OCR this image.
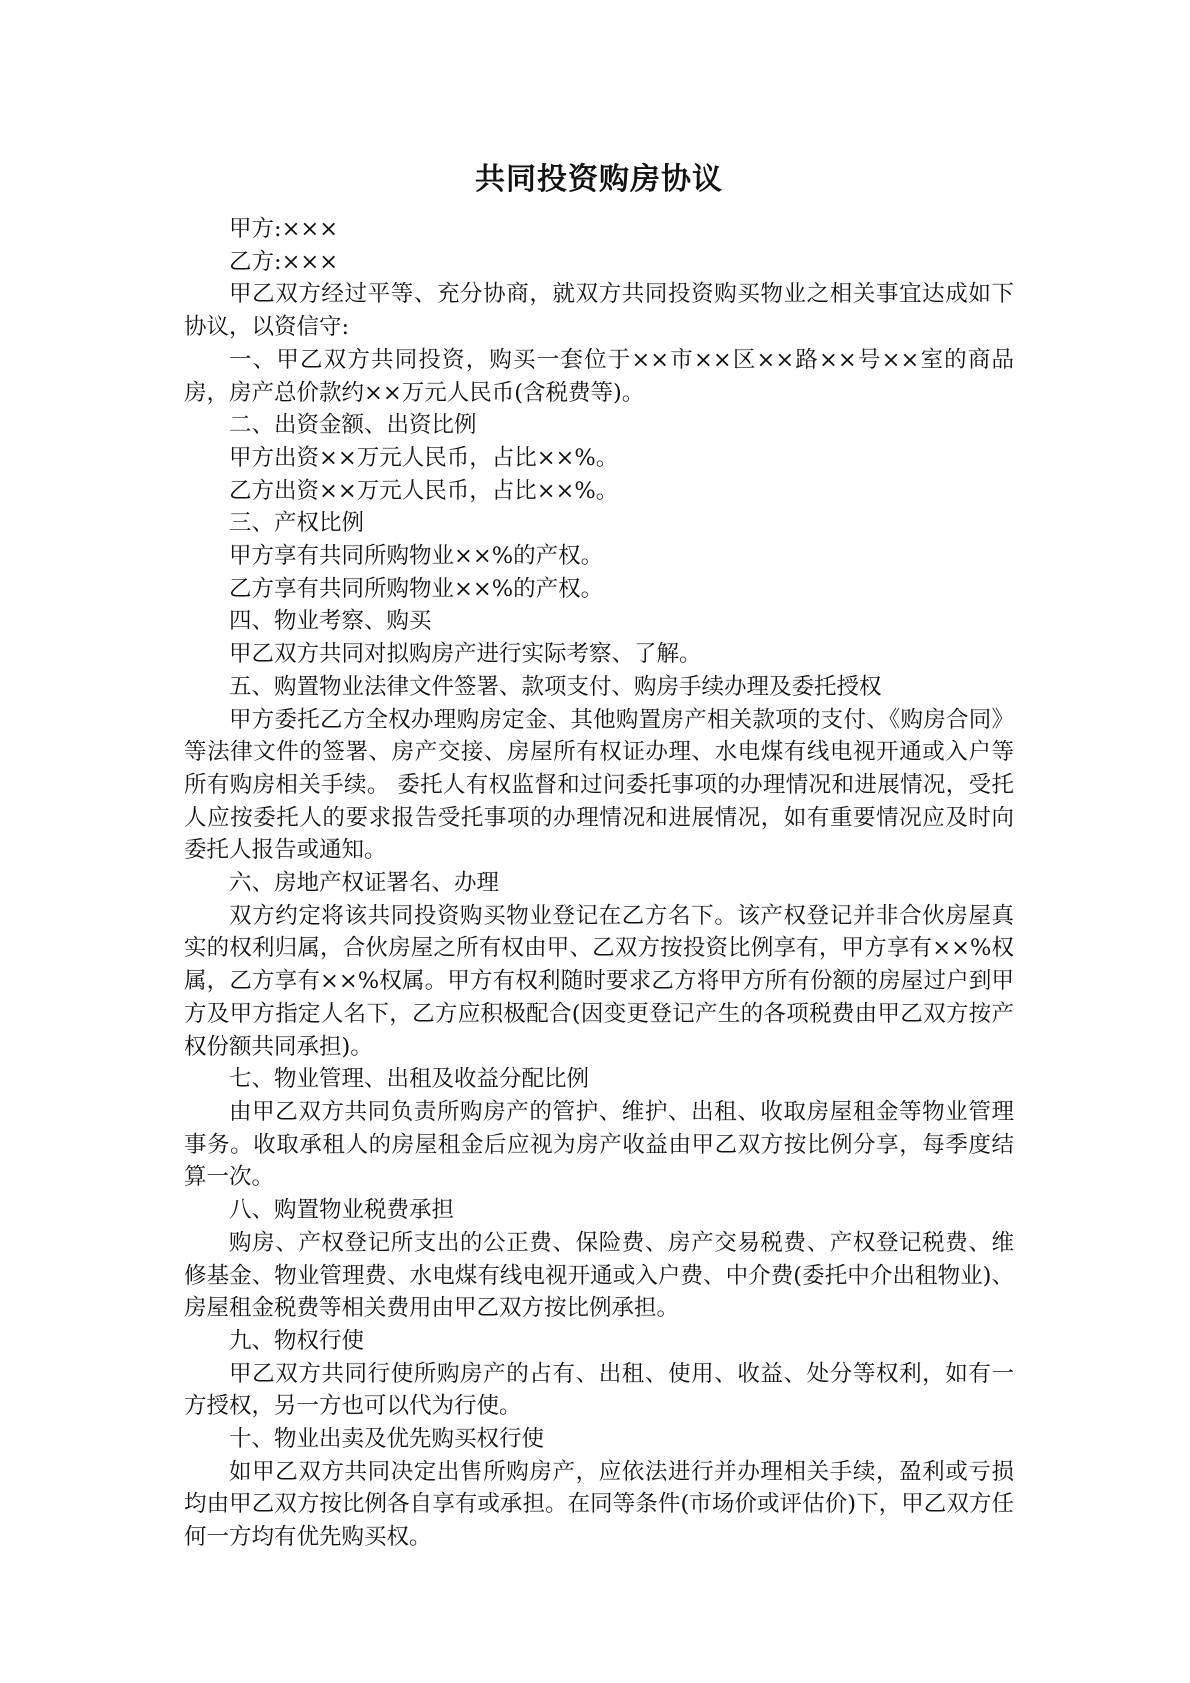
共同投资购房协议

甲方:×××

乙方:×××

甲乙双方经过平等、充分协商，就双方共同投资购买物业之相关事宜达成如下协议，以资信守:

一、甲乙双方共同投资，购买一套位于××市××区××路××号××室的商品房，房产总价款约××万元人民币(含税费等)。

二、出资金额、出资比例

甲方出资××万元人民币，占比××%。

乙方出资××万元人民币，占比××%。

三、产权比例

甲方享有共同所购物业××%的产权。

乙方享有共同所购物业××%的产权。

四、物业考察、购买

甲乙双方共同对拟购房产进行实际考察、了解。

五、购置物业法律文件签署、款项支付、购房手续办理及委托授权

甲方委托乙方全权办理购房定金、其他购置房产相关款项的支付、《购房合同》等法律文件的签署、房产交接、房屋所有权证办理、水电煤有线电视开通或入户等所有购房相关手续。 委托人有权监督和过问委托事项的办理情况和进展情况，受托人应按委托人的要求报告受托事项的办理情况和进展情况，如有重要情况应及时向委托人报告或通知。

六、房地产权证署名、办理

双方约定将该共同投资购买物业登记在乙方名下。该产权登记并非合伙房屋真实的权利归属，合伙房屋之所有权由甲、乙双方按投资比例享有，甲方享有××%权属，乙方享有××%权属。甲方有权利随时要求乙方将甲方所有份额的房屋过户到甲方及甲方指定人名下，乙方应积极配合(因变更登记产生的各项税费由甲乙双方按产权份额共同承担)。

七、物业管理、出租及收益分配比例

由甲乙双方共同负责所购房产的管护、维护、出租、收取房屋租金等物业管理事务。收取承租人的房屋租金后应视为房产收益由甲乙双方按比例分享，每季度结算一次。

八、购置物业税费承担

购房、产权登记所支出的公正费、保险费、房产交易税费、产权登记税费、维修基金、物业管理费、水电煤有线电视开通或入户费、中介费(委托中介出租物业)、房屋租金税费等相关费用由甲乙双方按比例承担。

九、物权行使

甲乙双方共同行使所购房产的占有、出租、使用、收益、处分等权利，如有一方授权，另一方也可以代为行使。

十、物业出卖及优先购买权行使

如甲乙双方共同决定出售所购房产，应依法进行并办理相关手续，盈利或亏损均由甲乙双方按比例各自享有或承担。在同等条件(市场价或评估价)下，甲乙双方任何一方均有优先购买权。
